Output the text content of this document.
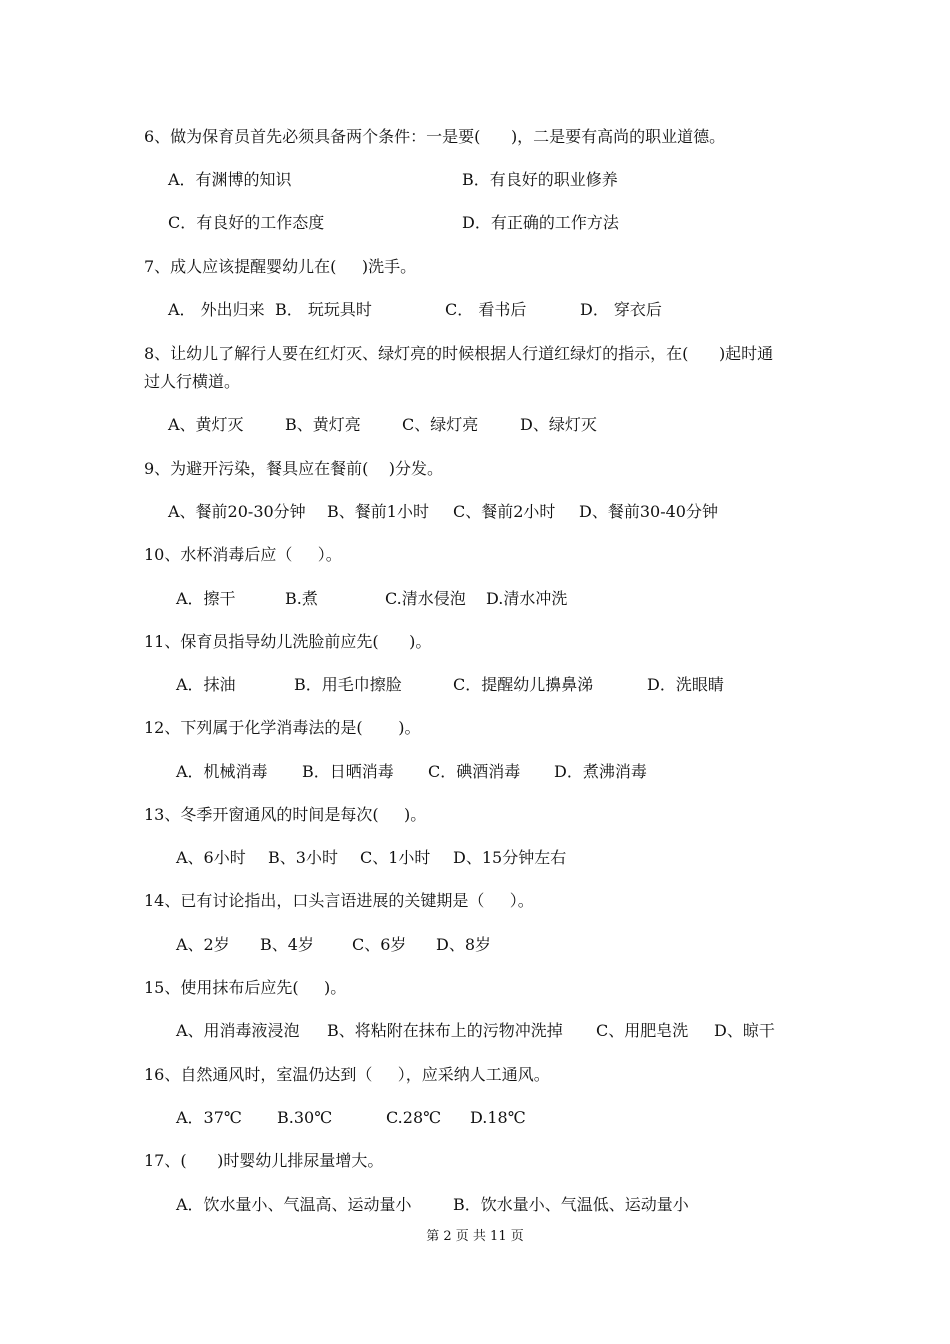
6、做为保育员首先必须具备两个条件：一是要(      )，二是要有高尚的职业道德。
A．有渊博的知识	B．有良好的职业修养
C．有良好的工作态度	D．有正确的工作方法
7、成人应该提醒婴幼儿在(     )洗手。
A． 外出归来 B． 玩玩具时	C． 看书后	D． 穿衣后
8、让幼儿了解行人要在红灯灭、绿灯亮的时候根据人行道红绿灯的指示，在(      )起时通
过人行横道。
A、黄灯灭	B、黄灯亮	C、绿灯亮	D、绿灯灭
9、为避开污染，餐具应在餐前(    )分发。
A、餐前20-30分钟 B、餐前1小时 C、餐前2小时 D、餐前30-40分钟
10、水杯消毒后应（     ）。
A．擦干	B.煮	C.清水侵泡 D.清水冲洗
11、保育员指导幼儿洗脸前应先(      )。
A．抹油	B．用毛巾擦脸	C．提醒幼儿擤鼻涕	D．洗眼睛
12、下列属于化学消毒法的是(       )。
A．机械消毒 B．日晒消毒 C．碘酒消毒 D．煮沸消毒
13、冬季开窗通风的时间是每次(     )。
A、6小时 B、3小时 C、1小时 D、15分钟左右
14、已有讨论指出，口头言语进展的关键期是（     ）。
A、2岁 B、4岁 C、6岁 D、8岁
15、使用抹布后应先(     )。
A、用消毒液浸泡 B、将粘附在抹布上的污物冲洗掉 C、用肥皂洗 D、晾干
16、自然通风时，室温仍达到（     ），应采纳人工通风。
A．37℃ B.30℃	C.28℃ D.18℃
17、(      )时婴幼儿排尿量增大。
A．饮水量小、气温高、运动量小	B．饮水量小、气温低、运动量小
第 2 页 共 11 页
